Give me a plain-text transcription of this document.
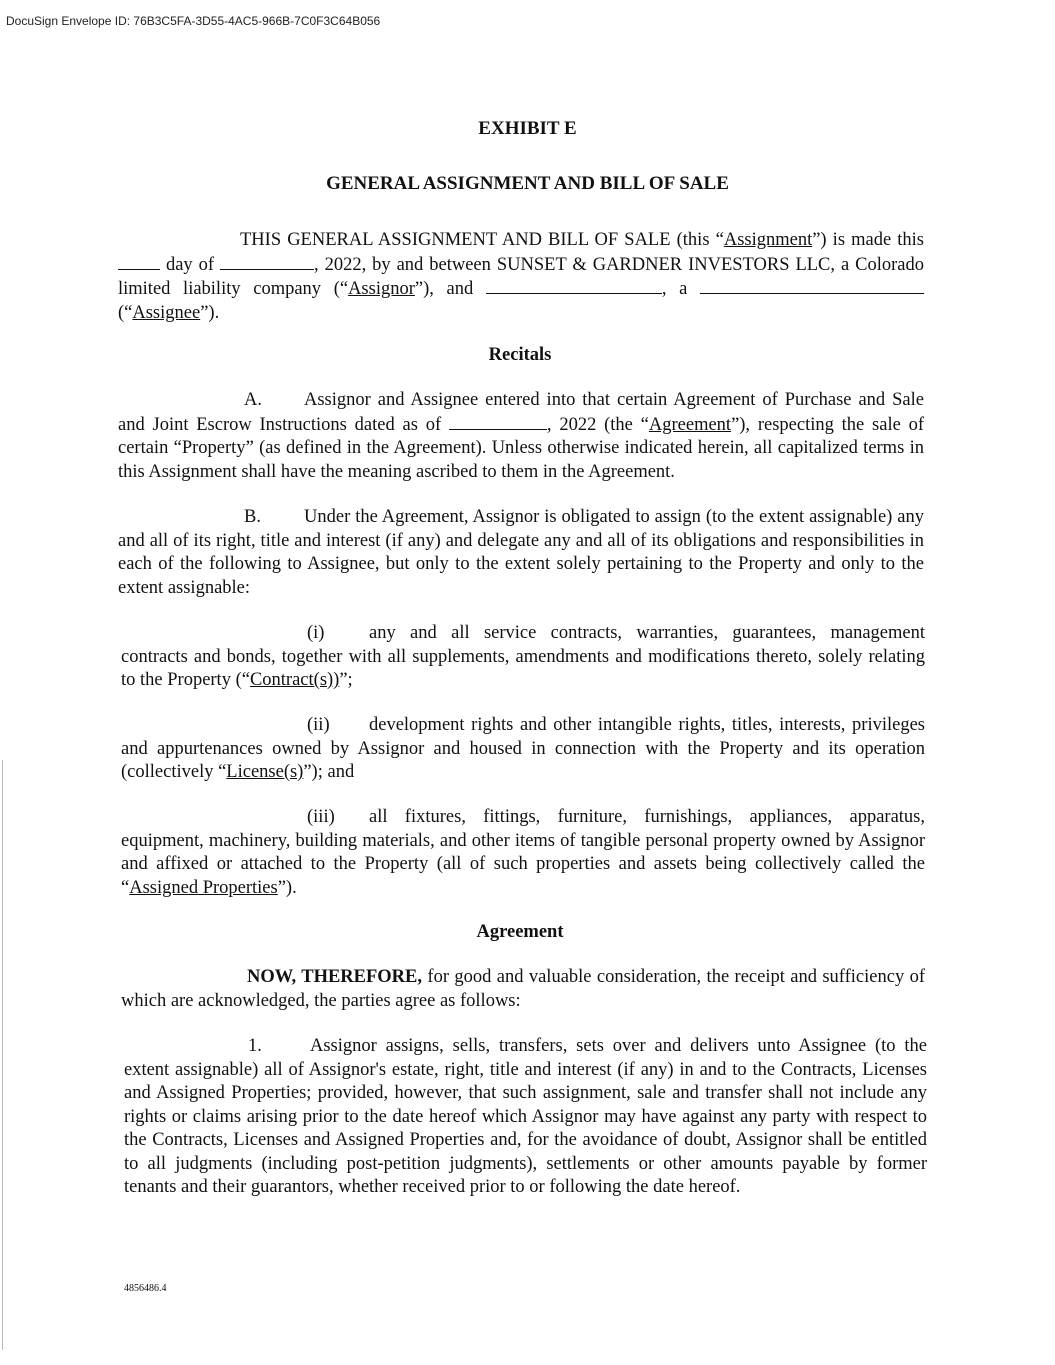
DocuSign Envelope ID: 76B3C5FA-3D55-4AC5-966B-7C0F3C64B056
EXHIBIT E
GENERAL ASSIGNMENT AND BILL OF SALE

THIS GENERAL ASSIGNMENT AND BILL OF SALE (this “Assignment”) is made this  day of	, 2022, by and between SUNSET & GARDNER INVESTORS LLC, a Colorado limited liability company (“Assignor”), and	, a  (“Assignee”).

Recitals

A. Assignor and Assignee entered into that certain Agreement of Purchase and Sale and Joint Escrow Instructions dated as of	, 2022 (the “Agreement”), respecting the sale of certain “Property” (as defined in the Agreement). Unless otherwise indicated herein, all capitalized terms in this Assignment shall have the meaning ascribed to them in the Agreement.

B. Under the Agreement, Assignor is obligated to assign (to the extent assignable) any and all of its right, title and interest (if any) and delegate any and all of its obligations and responsibilities in each of the following to Assignee, but only to the extent solely pertaining to the Property and only to the extent assignable:

(i) any and all service contracts, warranties, guarantees, management contracts and bonds, together with all supplements, amendments and modifications thereto, solely relating to the Property (“Contract(s))”;

(ii) development rights and other intangible rights, titles, interests, privileges and appurtenances owned by Assignor and housed in connection with the Property and its operation (collectively “License(s)”); and

(iii) all fixtures, fittings, furniture, furnishings, appliances, apparatus, equipment, machinery, building materials, and other items of tangible personal property owned by Assignor and affixed or attached to the Property (all of such properties and assets being collectively called the “Assigned Properties”).

Agreement

NOW, THEREFORE, for good and valuable consideration, the receipt and sufficiency of which are acknowledged, the parties agree as follows:

1.	Assignor assigns, sells, transfers, sets over and delivers unto Assignee (to the extent assignable) all of Assignor's estate, right, title and interest (if any) in and to the Contracts, Licenses and Assigned Properties; provided, however, that such assignment, sale and transfer shall not include any rights or claims arising prior to the date hereof which Assignor may have against any party with respect to the Contracts, Licenses and Assigned Properties and, for the avoidance of doubt, Assignor shall be entitled to all judgments (including post-petition judgments), settlements or other amounts payable by former tenants and their guarantors, whether received prior to or following the date hereof.

4856486.4
